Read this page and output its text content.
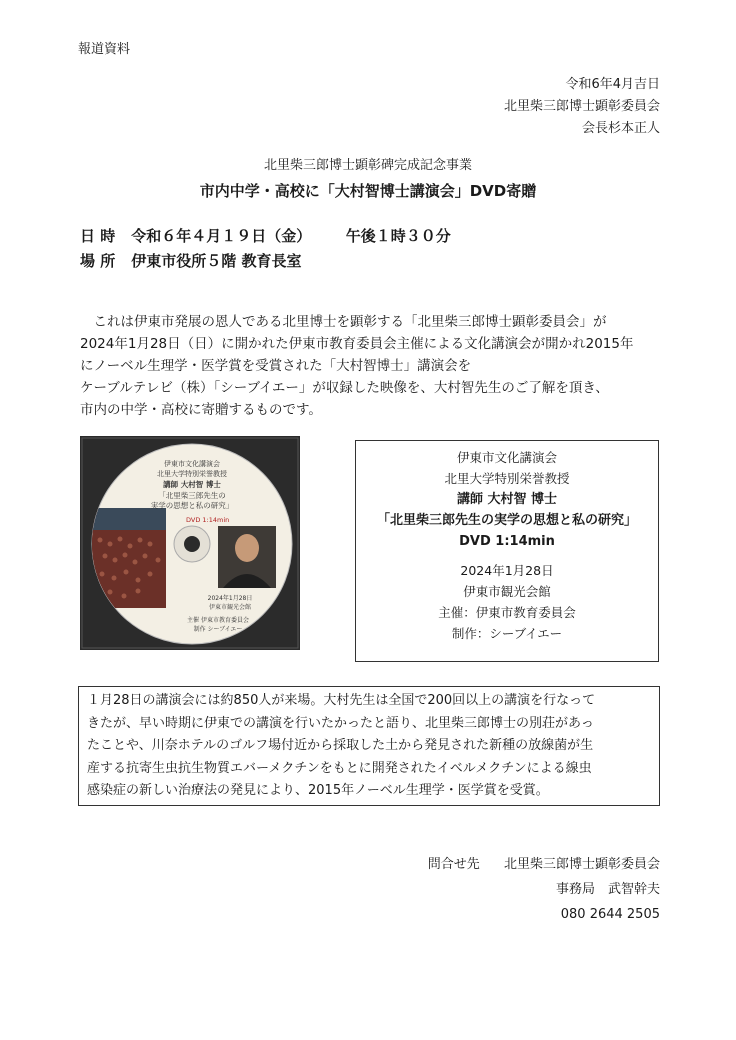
報道資料
令和6年4月吉日
北里柴三郎博士顕彰委員会
会長杉本正人
北里柴三郎博士顕彰碑完成記念事業
市内中学・高校に「大村智博士講演会」DVD寄贈
日 時 令和６年４月１９日（金） 午後１時３０分
場 所 伊東市役所５階 教育長室
　これは伊東市発展の恩人である北里博士を顕彰する「北里柴三郎博士顕彰委員会」が
2024年1月28日（日）に開かれた伊東市教育委員会主催による文化講演会が開かれ2015年
にノーベル生理学・医学賞を受賞された「大村智博士」講演会を
ケーブルテレビ（株）「シーブイエー」が収録した映像を、大村智先生のご了解を頂き、
市内の中学・高校に寄贈するものです。
伊東市文化講演会
北里大学特別栄誉教授
講師 大村智 博士
「北里柴三郎先生の
実学の思想と私の研究」
DVD 1:14min
2024年1月28日
伊東市観光会館
主催 伊東市教育委員会
制作 シーブイエー
伊東市文化講演会
北里大学特別栄誉教授
講師 大村智 博士
「北里柴三郎先生の実学の思想と私の研究」
DVD 1:14min
2024年1月28日
伊東市観光会館
主催：伊東市教育委員会
制作：シーブイエー
１月28日の講演会には約850人が来場。大村先生は全国で200回以上の講演を行なって
きたが、早い時期に伊東での講演を行いたかったと語り、北里柴三郎博士の別荘があっ
たことや、川奈ホテルのゴルフ場付近から採取した土から発見された新種の放線菌が生
産する抗寄生虫抗生物質エバーメクチンをもとに開発されたイベルメクチンによる線虫
感染症の新しい治療法の発見により、2015年ノーベル生理学・医学賞を受賞。
問合せ先 北里柴三郎博士顕彰委員会
事務局　武智幹夫
080 2644 2505
